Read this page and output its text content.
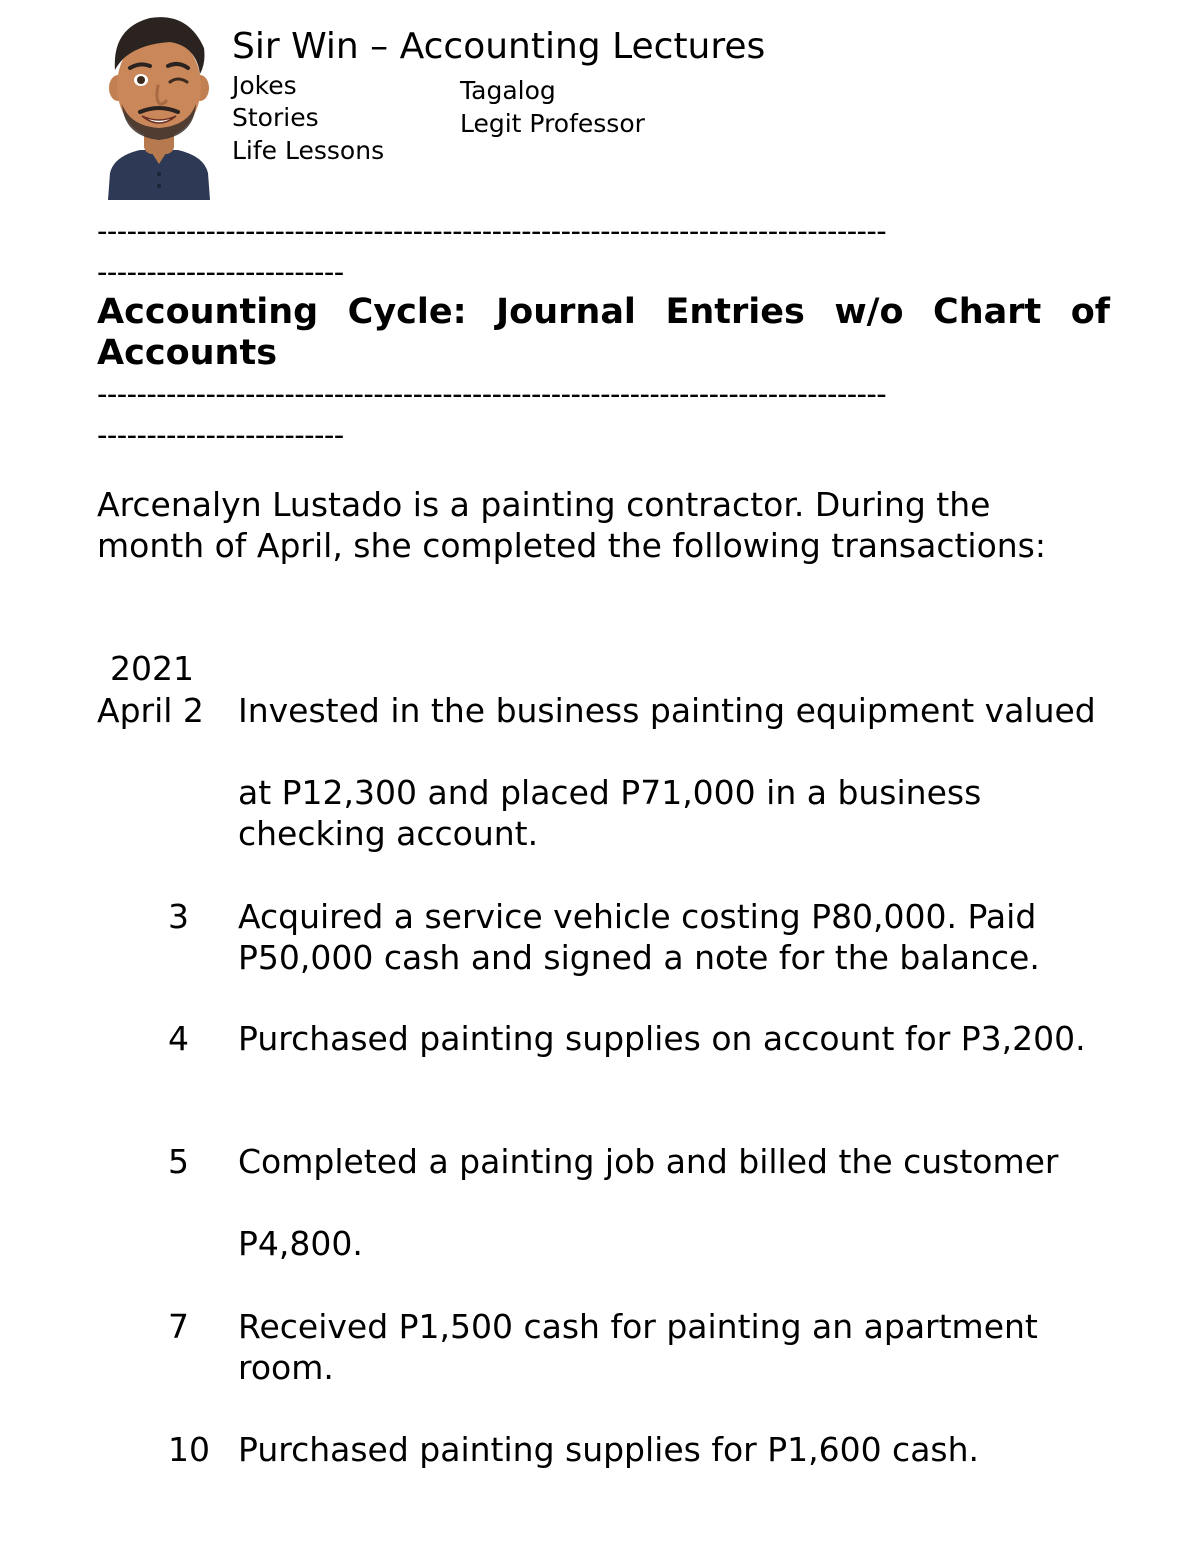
Sir Win – Accounting Lectures
Jokes
Stories
Life Lessons
Tagalog
Legit Professor
--------------------------------------------------------------------------------
-------------------------
Accounting Cycle: Journal Entries w/o Chart of Accounts
--------------------------------------------------------------------------------
-------------------------
Arcenalyn Lustado is a painting contractor. During the month of April, she completed the following transactions:
2021
April 2	Invested in the business painting equipment valued
at P12,300 and placed P71,000 in a business checking account.
3 Acquired a service vehicle costing P80,000. Paid P50,000 cash and signed a note for the balance.
4	Purchased painting supplies on account for P3,200.
5	Completed a painting job and billed the customer
P4,800.
7 Received P1,500 cash for painting an apartment room.
10 Purchased painting supplies for P1,600 cash.
